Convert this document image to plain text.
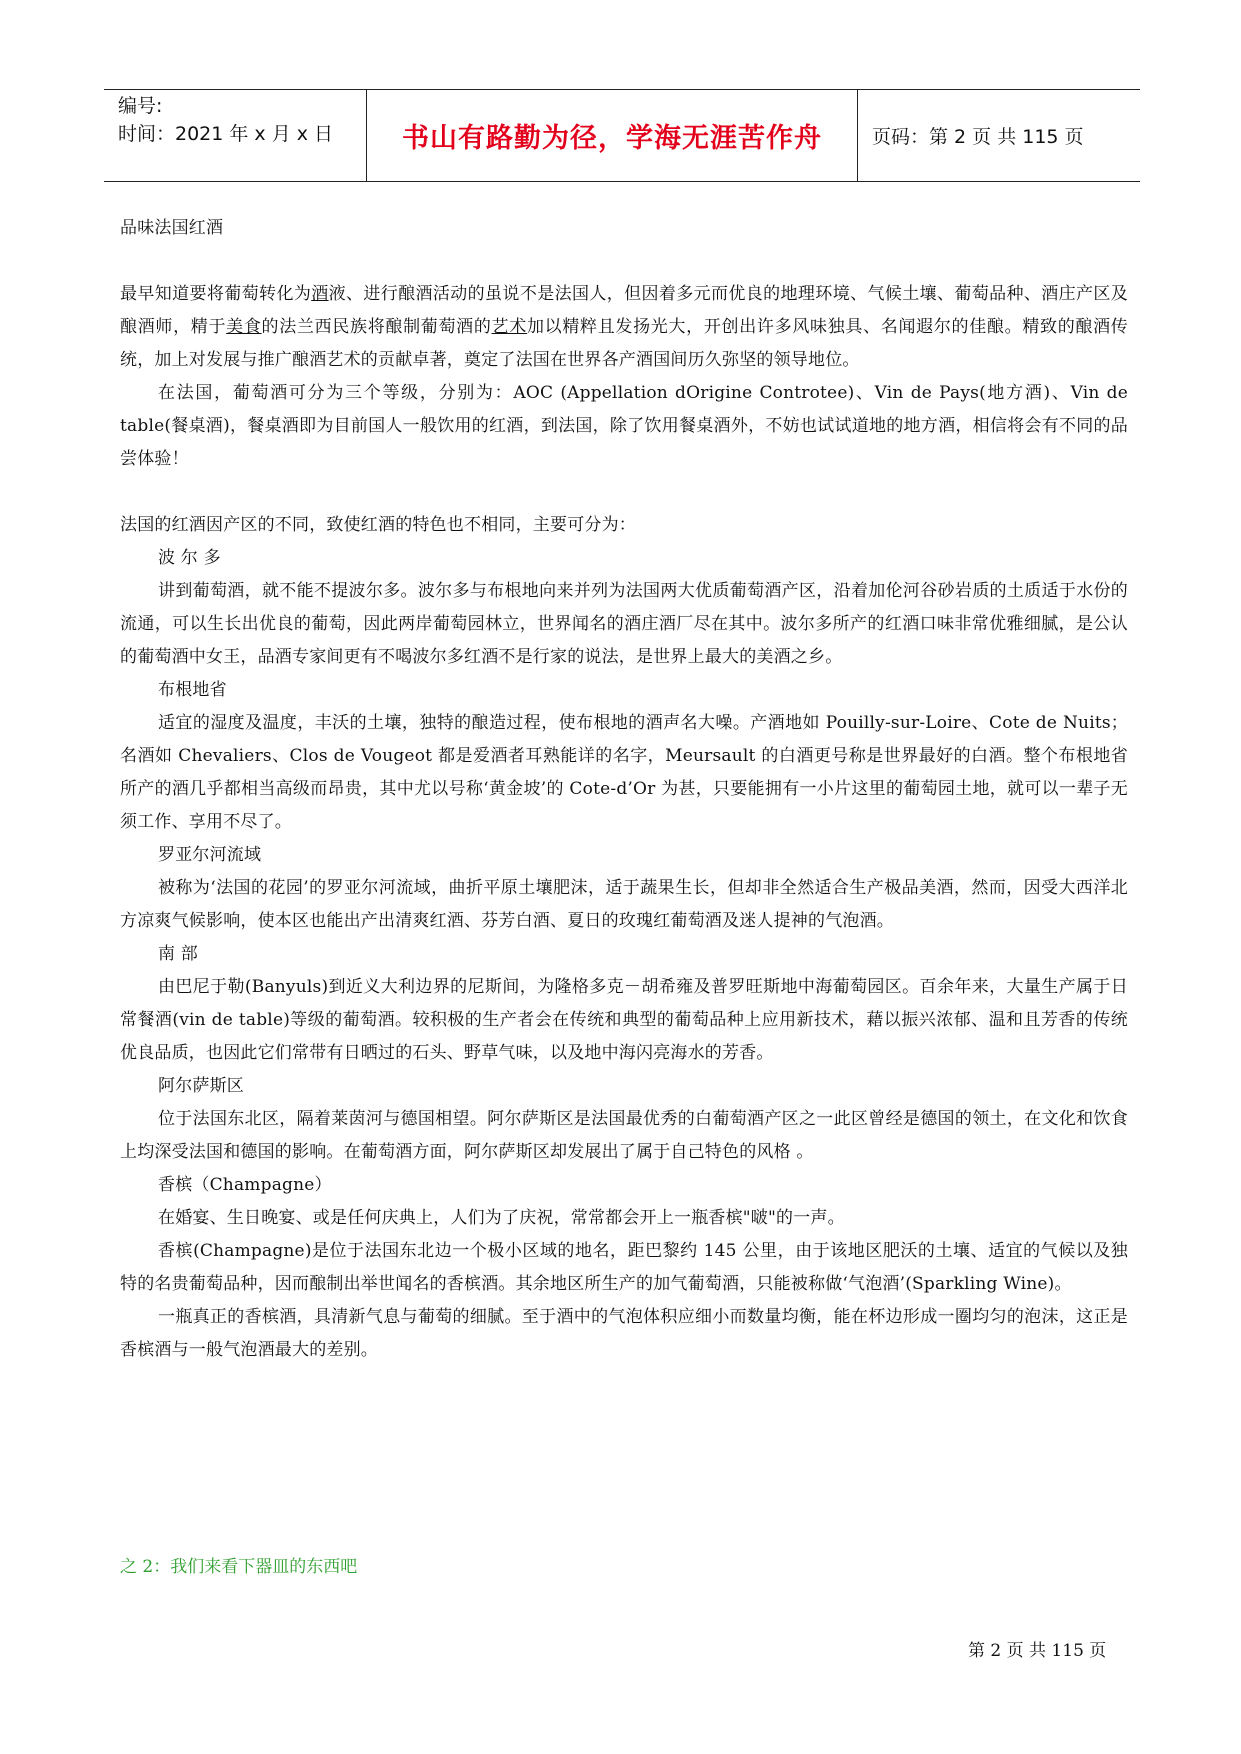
编号:
时间：2021 年 x 月 x 日	书山有路勤为径，学海无涯苦作舟	页码：第 2 页 共 115 页

品味法国红酒

最早知道要将葡萄转化为酒液、进行酿酒活动的虽说不是法国人，但因着多元而优良的地理环境、气候土壤、葡萄品种、酒庄产区及酿酒师，精于美食的法兰西民族将酿制葡萄酒的艺术加以精粹且发扬光大，开创出许多风味独具、名闻遐尔的佳酿。精致的酿酒传统，加上对发展与推广酿酒艺术的贡献卓著，奠定了法国在世界各产酒国间历久弥坚的领导地位。

在法国，葡萄酒可分为三个等级，分别为：AOC (Appellation dOrigine Controtee)、Vin de Pays(地方酒)、Vin de table(餐桌酒)，餐桌酒即为目前国人一般饮用的红酒，到法国，除了饮用餐桌酒外，不妨也试试道地的地方酒，相信将会有不同的品尝体验！

法国的红酒因产区的不同，致使红酒的特色也不相同，主要可分为：

波 尔 多

讲到葡萄酒，就不能不提波尔多。波尔多与布根地向来并列为法国两大优质葡萄酒产区，沿着加伦河谷砂岩质的土质适于水份的流通，可以生长出优良的葡萄，因此两岸葡萄园林立，世界闻名的酒庄酒厂尽在其中。波尔多所产的红酒口味非常优雅细腻，是公认的葡萄酒中女王，品酒专家间更有不喝波尔多红酒不是行家的说法，是世界上最大的美酒之乡。

布根地省

适宜的湿度及温度，丰沃的土壤，独特的酿造过程，使布根地的酒声名大噪。产酒地如 Pouilly-sur-Loire、Cote de Nuits；名酒如 Chevaliers、Clos de Vougeot 都是爱酒者耳熟能详的名字，Meursault 的白酒更号称是世界最好的白酒。整个布根地省所产的酒几乎都相当高级而昂贵，其中尤以号称‘黄金坡’的 Cote-d’Or 为甚，只要能拥有一小片这里的葡萄园土地，就可以一辈子无须工作、享用不尽了。

罗亚尔河流域

被称为‘法国的花园’的罗亚尔河流域，曲折平原土壤肥沫，适于蔬果生长，但却非全然适合生产极品美酒，然而，因受大西洋北方凉爽气候影响，使本区也能出产出清爽红酒、芬芳白酒、夏日的玫瑰红葡萄酒及迷人提神的气泡酒。

南 部

由巴尼于勒(Banyuls)到近义大利边界的尼斯间，为隆格多克－胡希雍及普罗旺斯地中海葡萄园区。百余年来，大量生产属于日常餐酒(vin de table)等级的葡萄酒。较积极的生产者会在传统和典型的葡萄品种上应用新技术，藉以振兴浓郁、温和且芳香的传统优良品质，也因此它们常带有日晒过的石头、野草气味，以及地中海闪亮海水的芳香。

阿尔萨斯区

位于法国东北区，隔着莱茵河与德国相望。阿尔萨斯区是法国最优秀的白葡萄酒产区之一此区曾经是德国的领土，在文化和饮食上均深受法国和德国的影响。在葡萄酒方面，阿尔萨斯区却发展出了属于自己特色的风格 。

香槟（Champagne）

在婚宴、生日晚宴、或是任何庆典上，人们为了庆祝，常常都会开上一瓶香槟"啵"的一声。

香槟(Champagne)是位于法国东北边一个极小区域的地名，距巴黎约 145 公里，由于该地区肥沃的土壤、适宜的气候以及独特的名贵葡萄品种，因而酿制出举世闻名的香槟酒。其余地区所生产的加气葡萄酒，只能被称做‘气泡酒’(Sparkling Wine)。

一瓶真正的香槟酒，具清新气息与葡萄的细腻。至于酒中的气泡体积应细小而数量均衡，能在杯边形成一圈均匀的泡沫，这正是香槟酒与一般气泡酒最大的差别。

之 2：我们来看下器皿的东西吧
第 2 页 共 115 页
